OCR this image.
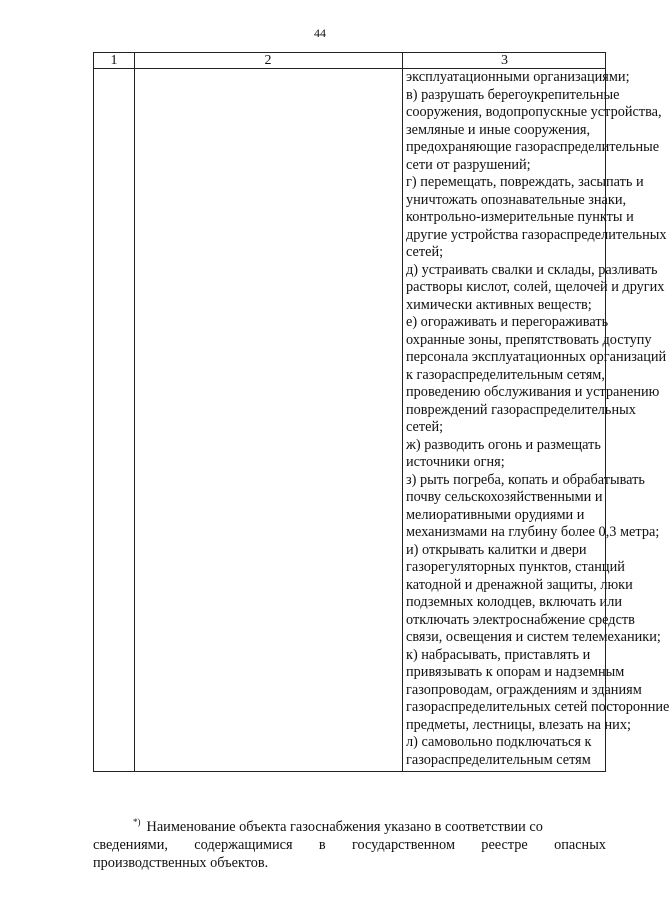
44
1	2	3
эксплуатационными организациями;
в) разрушать берегоукрепительные
сооружения, водопропускные устройства,
земляные и иные сооружения,
предохраняющие газораспределительные
сети от разрушений;
г) перемещать, повреждать, засыпать и
уничтожать опознавательные знаки,
контрольно-измерительные пункты и
другие устройства газораспределительных
сетей;
д) устраивать свалки и склады, разливать
растворы кислот, солей, щелочей и других
химически активных веществ;
е) огораживать и перегораживать
охранные зоны, препятствовать доступу
персонала эксплуатационных организаций
к газораспределительным сетям,
проведению обслуживания и устранению
повреждений газораспределительных
сетей;
ж) разводить огонь и размещать
источники огня;
з) рыть погреба, копать и обрабатывать
почву сельскохозяйственными и
мелиоративными орудиями и
механизмами на глубину более 0,3 метра;
и) открывать калитки и двери
газорегуляторных пунктов, станций
катодной и дренажной защиты, люки
подземных колодцев, включать или
отключать электроснабжение средств
связи, освещения и систем телемеханики;
к) набрасывать, приставлять и
привязывать к опорам и надземным
газопроводам, ограждениям и зданиям
газораспределительных сетей посторонние
предметы, лестницы, влезать на них;
л) самовольно подключаться к
газораспределительным сетям
*) Наименование объекта газоснабжения указано в соответствии со
сведениями, содержащимися в государственном реестре опасных
производственных объектов.
